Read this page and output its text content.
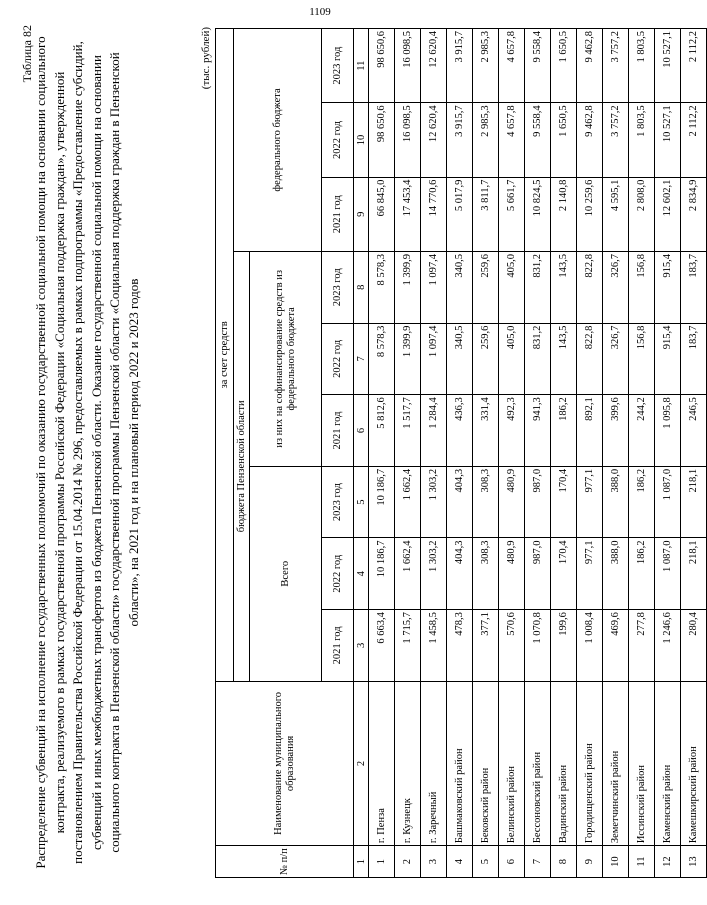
1109
Таблица 82 Распределение субвенций на исполнение государственных полномочий по оказанию государственной социальной помощи на основании социального контракта, реализуемого в рамках государственной программы Российской Федерации «Социальная поддержка граждан», утвержденной постановлением Правительства Российской Федерации от 15.04.2014 № 296, предоставляемых в рамках подпрограммы «Предоставление субсидий, субвенций и иных межбюджетных трансфертов из бюджета Пензенской области. Оказание государственной социальной помощи на основании социального контракта в Пензенской области» государственной программы Пензенской области «Социальная поддержка граждан в Пензенской области», на 2021 год и на плановый период 2022 и 2023 годов
(тыс. рублей)
№ п/п	Наименование муниципального образования	за счет средств								
		бюджета Пензенской области						федерального бюджета		
		Всего			из них на софинансирование средств из федерального бюджета					
		2021 год	2022 год	2023 год	2021 год	2022 год	2023 год	2021 год	2022 год	2023 год
1	2	3	4	5	6	7	8	9	10	11
1	г. Пенза	6 663,4	10 186,7	10 186,7	5 812,6	8 578,3	8 578,3	66 845,0	98 650,6	98 650,6
2	г. Кузнецк	1 715,7	1 662,4	1 662,4	1 517,7	1 399,9	1 399,9	17 453,4	16 098,5	16 098,5
3	г. Заречный	1 458,5	1 303,2	1 303,2	1 284,4	1 097,4	1 097,4	14 770,6	12 620,4	12 620,4
4	Башмаковский район	478,3	404,3	404,3	436,3	340,5	340,5	5 017,9	3 915,7	3 915,7
5	Бековский район	377,1	308,3	308,3	331,4	259,6	259,6	3 811,7	2 985,3	2 985,3
6	Белинский район	570,6	480,9	480,9	492,3	405,0	405,0	5 661,7	4 657,8	4 657,8
7	Бессоновский район	1 070,8	987,0	987,0	941,3	831,2	831,2	10 824,5	9 558,4	9 558,4
8	Вадинский район	199,6	170,4	170,4	186,2	143,5	143,5	2 140,8	1 650,5	1 650,5
9	Городищенский район	1 008,4	977,1	977,1	892,1	822,8	822,8	10 259,6	9 462,8	9 462,8
10	Земетчинский район	469,6	388,0	388,0	399,6	326,7	326,7	4 595,1	3 757,2	3 757,2
11	Иссинский район	277,8	186,2	186,2	244,2	156,8	156,8	2 808,0	1 803,5	1 803,5
12	Каменский район	1 246,6	1 087,0	1 087,0	1 095,8	915,4	915,4	12 602,1	10 527,1	10 527,1
13	Камешкирский район	280,4	218,1	218,1	246,5	183,7	183,7	2 834,9	2 112,2	2 112,2
